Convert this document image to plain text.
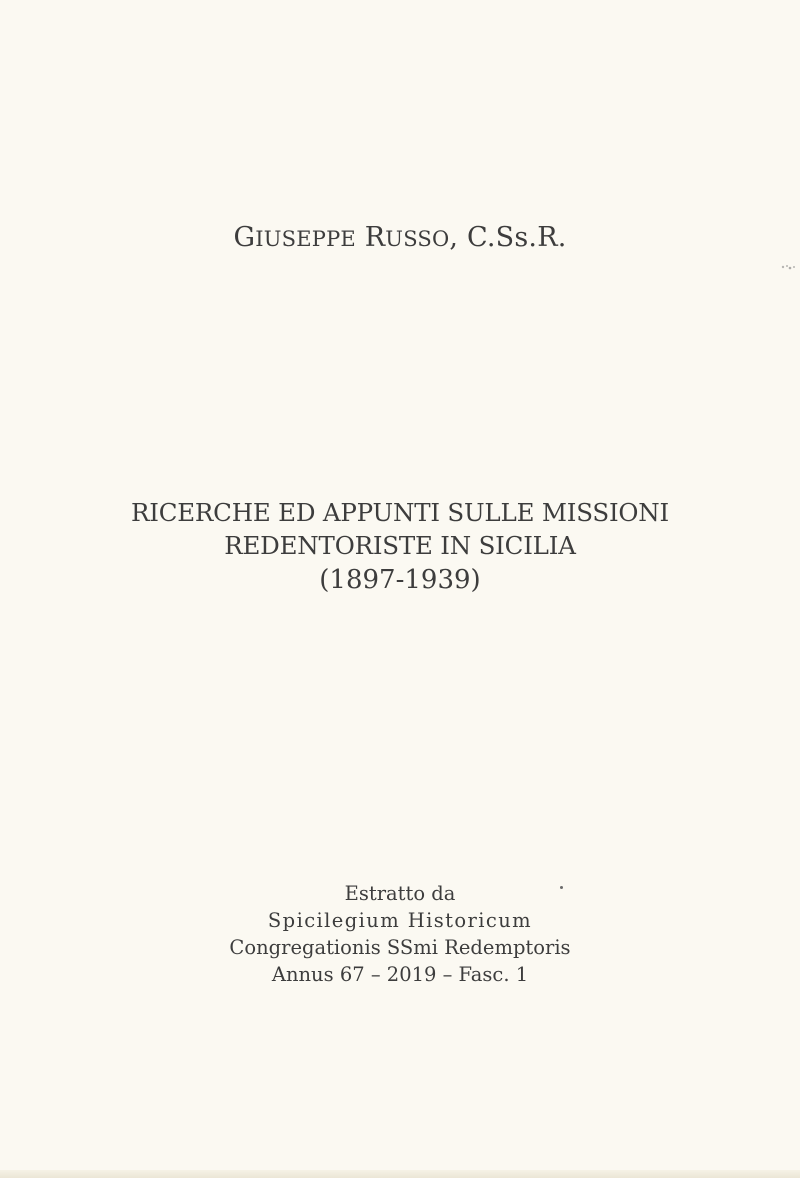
GIUSEPPE RUSSO, C.Ss.R.
RICERCHE ED APPUNTI SULLE MISSIONI
REDENTORISTE IN SICILIA
(1897-1939)
Estratto da
Spicilegium Historicum
Congregationis SSmi Redemptoris
Annus 67 – 2019 – Fasc. 1
